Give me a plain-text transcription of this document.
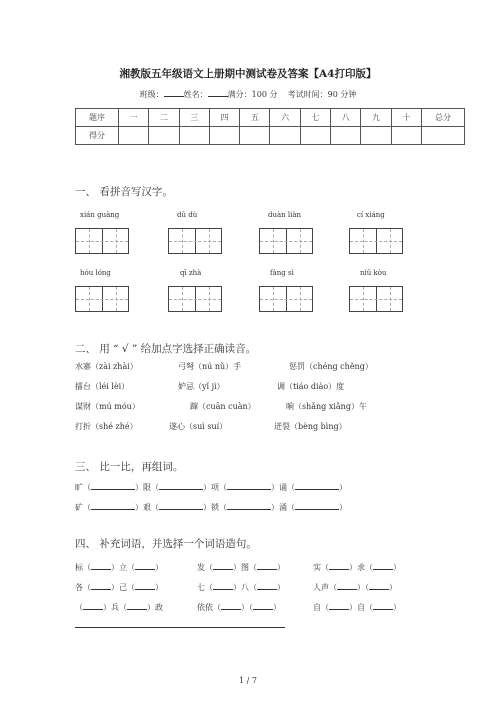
湘教版五年级语文上册期中测试卷及答案【A4打印版】
班级：	姓名：	满分：100 分 考试时间：90 分钟
题序	一	二	三	四	五	六	七	八	九	十	总分
得分											
一、 看拼音写汉字。
xián guàng	dǔ dù	duàn liàn	cí xiáng
hóu lóng	qī zhà	fàng sì	niǔ kòu
二、 用 “ √ ” 给加点字选择正确读音。
水寨（zài zhài）	弓弩（nú nǔ）手	惩罚（chéng chěng）
擂台（léi lèi）	妒忌（yǐ jì）	调（tiáo diào）度
谋财（mú móu）	蹿（cuān cuàn）	晌（shǎng xiǎng）午
打折（shé zhé）	遂心（suì suí）	迸裂（bèng bìng）
三、 比一比，再组词。
旷（	）限（	）项（	）诵（	）
矿（	）艰（	）锁（	）涌（	）
四、 补充词语，并选择一个词语造句。
标（	）立（	）	发（	）图（	）	实（	）求（	）
各（	）己（	）	七（	）八（	）	人声（	）（	）
（	）兵（	）政	依依（	）（	）	自（	）自（	）
1 / 7
